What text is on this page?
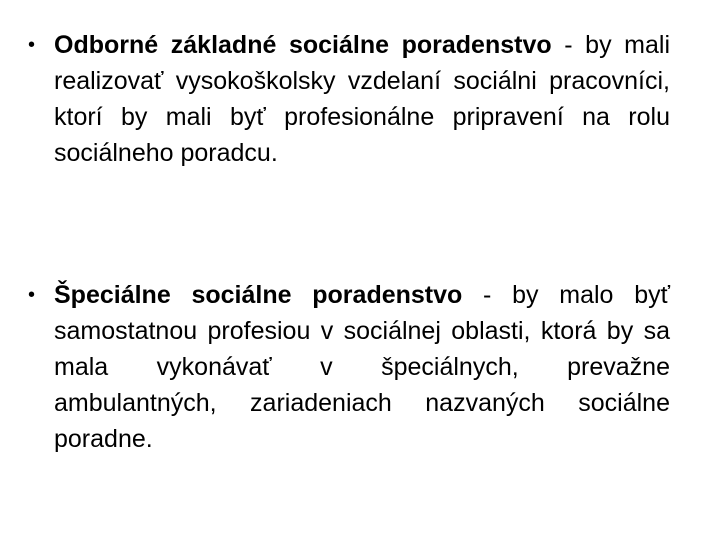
• Odborné základné sociálne poradenstvo - by mali realizovať vysokoškolsky vzdelaní sociálni pracovníci, ktorí by mali byť profesionálne pripravení na rolu sociálneho poradcu.
• Špeciálne sociálne poradenstvo - by malo byť samostatnou profesiou v sociálnej oblasti, ktorá by sa mala vykonávať v špeciálnych, prevažne ambulantných, zariadeniach nazvaných sociálne poradne.
